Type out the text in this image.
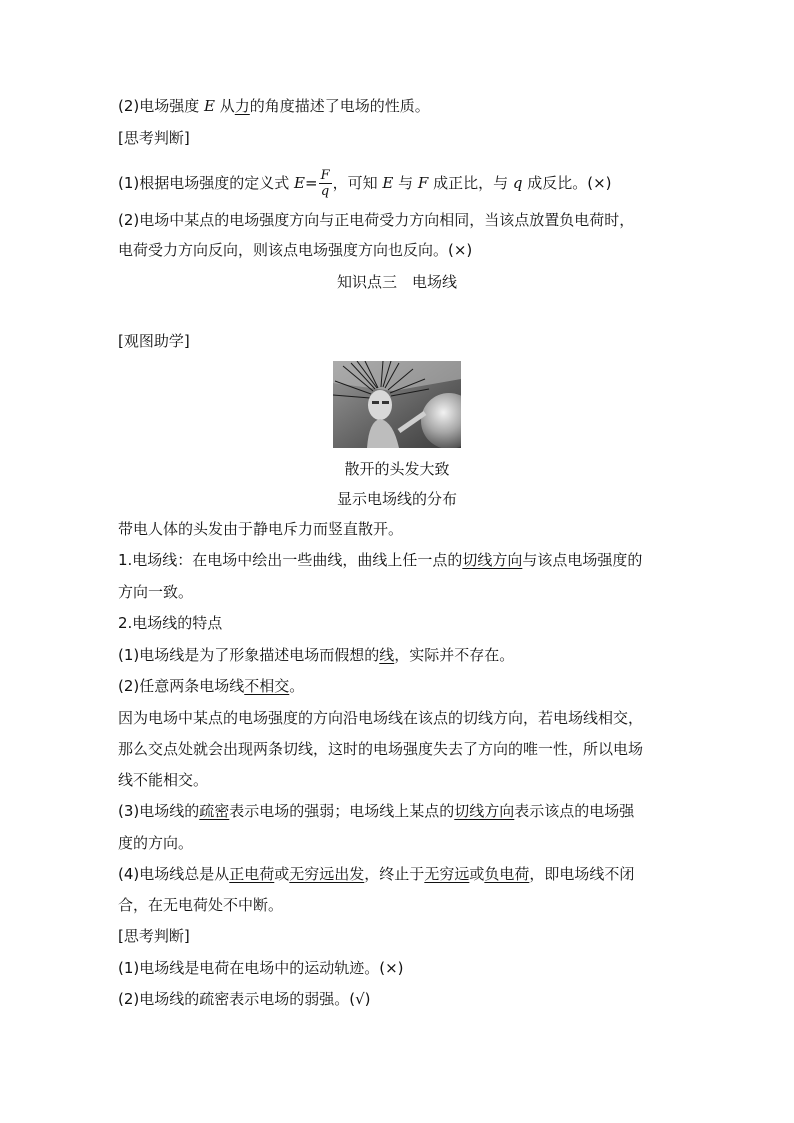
(2)电场强度 E 从力的角度描述了电场的性质。
[思考判断]
(1)根据电场强度的定义式 $E= \frac{F}{q}$ ，可知 E 与 F 成正比，与 q 成反比。(×)
(2)电场中某点的电场强度方向与正电荷受力方向相同，当该点放置负电荷时，
电荷受力方向反向，则该点电场强度方向也反向。(×)
知识点三　电场线
[观图助学]
散开的头发大致
显示电场线的分布
带电人体的头发由于静电斥力而竖直散开。
1.电场线：在电场中绘出一些曲线，曲线上任一点的切线方向与该点电场强度的
方向一致。
2.电场线的特点
(1)电场线是为了形象描述电场而假想的线，实际并不存在。
(2)任意两条电场线不相交。
因为电场中某点的电场强度的方向沿电场线在该点的切线方向，若电场线相交，
那么交点处就会出现两条切线，这时的电场强度失去了方向的唯一性，所以电场
线不能相交。
(3)电场线的疏密表示电场的强弱；电场线上某点的切线方向表示该点的电场强
度的方向。
(4)电场线总是从正电荷或无穷远出发，终止于无穷远或负电荷，即电场线不闭
合，在无电荷处不中断。
[思考判断]
(1)电场线是电荷在电场中的运动轨迹。(×)
(2)电场线的疏密表示电场的弱强。(√)
